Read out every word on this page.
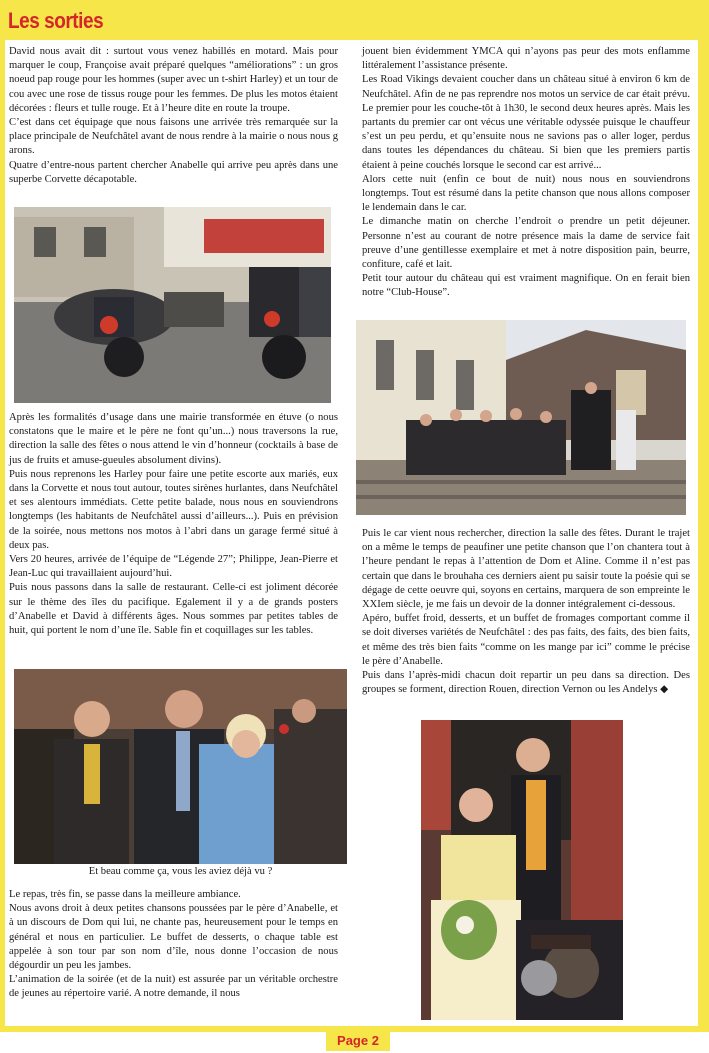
Les sorties

David nous avait dit : surtout vous venez habillés en motard. Mais pour marquer le coup, Françoise avait préparé quelques “améliorations” : un gros noeud pap rouge pour les hommes (super avec un t-shirt Harley) et un tour de cou avec une rose de tissus rouge pour les femmes. De plus les motos étaient décorées : fleurs et tulle rouge. Et à l’heure dite en route la troupe.

C’est dans cet équipage que nous faisons une arrivée très remarquée sur la place principale de Neufchâtel avant de nous rendre à la mairie o nous nous g arons.

Quatre d’entre-nous partent chercher Anabelle qui arrive peu après dans une superbe Corvette décapotable.

Après les formalités d’usage dans une mairie transformée en étuve (o nous constatons que le maire et le père ne font qu’un...) nous traversons la rue, direction la salle des fêtes o nous attend le vin d’honneur (cocktails à base de jus de fruits et amuse-gueules absolument divins).

Puis nous reprenons les Harley pour faire une petite escorte aux mariés, eux dans la Corvette et nous tout autour, toutes sirènes hurlantes, dans Neufchâtel et ses alentours immédiats. Cette petite balade, nous nous en souviendrons longtemps (les habitants de Neufchâtel aussi d’ailleurs...). Puis en prévision de la soirée, nous mettons nos motos à l’abri dans un garage fermé situé à deux pas.

Vers 20 heures, arrivée de l’équipe de “Légende 27”; Philippe, Jean-Pierre et Jean-Luc qui travaillaient aujourd’hui.

Puis nous passons dans la salle de restaurant. Celle-ci est joliment décorée sur le thème des îles du pacifique. Egalement il y a de grands posters d’Anabelle et David à différents âges. Nous sommes par petites tables de huit, qui portent le nom d’une île. Sable fin et coquillages sur les tables.

Et beau comme ça, vous les aviez déjà vu ?

Le repas, très fin, se passe dans la meilleure ambiance.

Nous avons droit à deux petites chansons poussées par le père d’Anabelle, et à un discours de Dom qui lui, ne chante pas, heureusement pour le temps en général et nous en particulier. Le buffet de desserts, o chaque table est appelée à son tour par son nom d’île, nous donne l’occasion de nous dégourdir un peu les jambes.

L’animation de la soirée (et de la nuit) est assurée par un véritable orchestre de jeunes au répertoire varié. A notre demande, il nous

jouent bien évidemment YMCA qui n’ayons pas peur des mots enflamme littéralement l’assistance présente.

Les Road Vikings devaient coucher dans un château situé à environ 6 km de Neufchâtel. Afin de ne pas reprendre nos motos un service de car était prévu. Le premier pour les couche-tôt à 1h30, le second deux heures après. Mais les partants du premier car ont vécus une véritable odyssée puisque le chauffeur s’est un peu perdu, et qu’ensuite nous ne savions pas o aller loger, perdus dans toutes les dépendances du château. Si bien que les premiers partis étaient à peine couchés lorsque le second car est arrivé...

Alors cette nuit (enfin ce bout de nuit) nous nous en souviendrons longtemps. Tout est résumé dans la petite chanson que nous allons composer le lendemain dans le car.

Le dimanche matin on cherche l’endroit o prendre un petit déjeuner. Personne n’est au courant de notre présence mais la dame de service fait preuve d’une gentillesse exemplaire et met à notre disposition pain, beurre, confiture, café et lait.

Petit tour autour du château qui est vraiment magnifique. On en ferait bien notre “Club-House”.

Puis le car vient nous rechercher, direction la salle des fêtes. Durant le trajet on a même le temps de peaufiner une petite chanson que l’on chantera tout à l’heure pendant le repas à l’attention de Dom et Aline. Comme il n’est pas certain que dans le brouhaha ces derniers aient pu saisir toute la poésie qui se dégage de cette oeuvre qui, soyons en certains, marquera de son empreinte le XXIem siècle, je me fais un devoir de la donner intégralement ci-dessous.

Apéro, buffet froid, desserts, et un buffet de fromages comportant comme il se doit diverses variétés de Neufchâtel : des pas faits, des faits, des bien faits, et même des très bien faits “comme on les mange par ici” comme le précise le père d’Anabelle.

Puis dans l’après-midi chacun doit repartir un peu dans sa direction. Des groupes se forment, direction Rouen, direction Vernon ou les Andelys ◆

Page 2
